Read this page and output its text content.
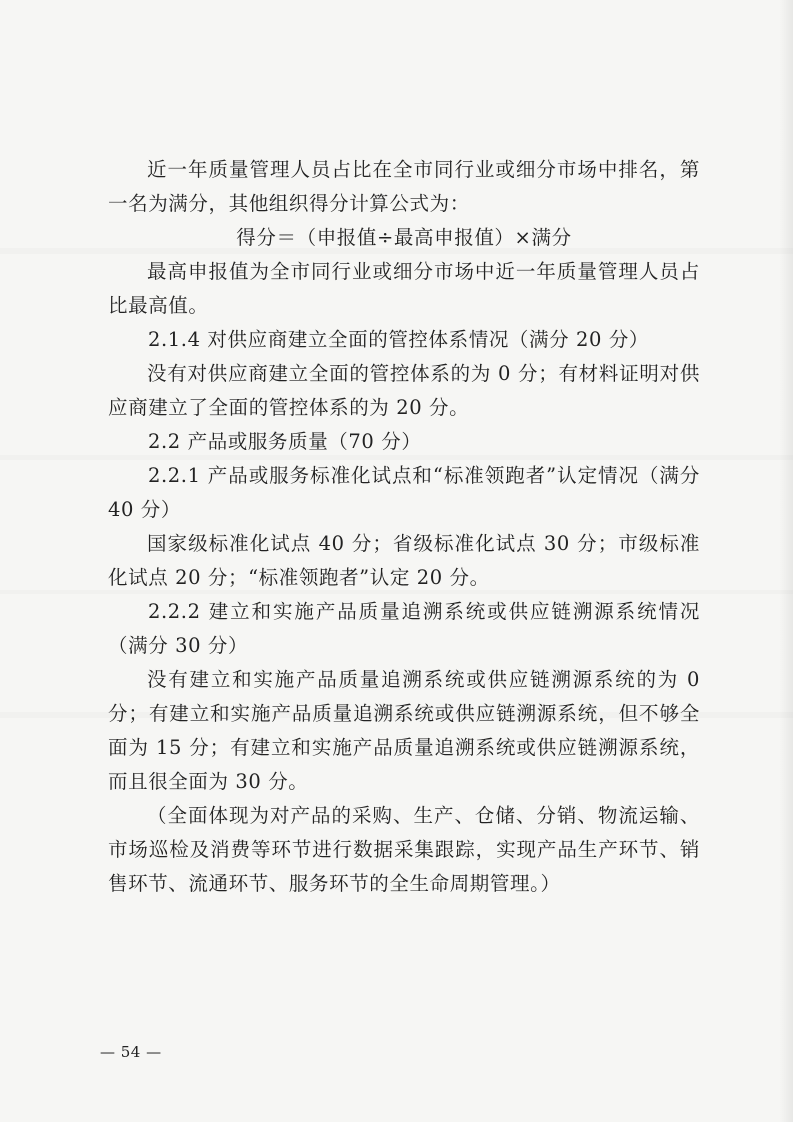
近一年质量管理人员占比在全市同行业或细分市场中排名，第一名为满分，其他组织得分计算公式为：

得分＝（申报值÷最高申报值）×满分

最高申报值为全市同行业或细分市场中近一年质量管理人员占比最高值。

2.1.4 对供应商建立全面的管控体系情况（满分 20 分）

没有对供应商建立全面的管控体系的为 0 分；有材料证明对供应商建立了全面的管控体系的为 20 分。

2.2 产品或服务质量（70 分）

2.2.1 产品或服务标准化试点和“标准领跑者”认定情况（满分 40 分）

国家级标准化试点 40 分；省级标准化试点 30 分；市级标准化试点 20 分；“标准领跑者”认定 20 分。

2.2.2 建立和实施产品质量追溯系统或供应链溯源系统情况（满分 30 分）

没有建立和实施产品质量追溯系统或供应链溯源系统的为 0 分；有建立和实施产品质量追溯系统或供应链溯源系统，但不够全面为 15 分；有建立和实施产品质量追溯系统或供应链溯源系统，而且很全面为 30 分。

（全面体现为对产品的采购、生产、仓储、分销、物流运输、市场巡检及消费等环节进行数据采集跟踪，实现产品生产环节、销售环节、流通环节、服务环节的全生命周期管理。）

— 54 —
